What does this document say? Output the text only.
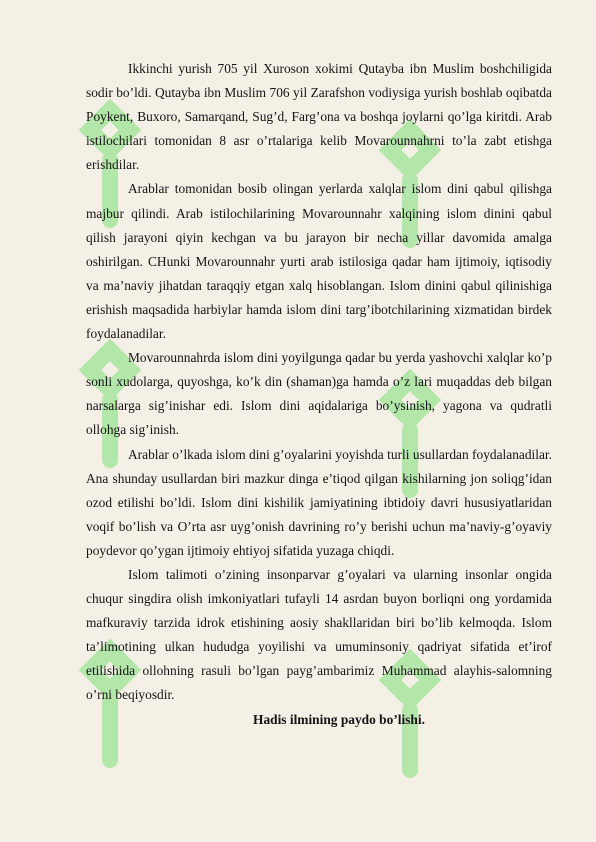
Ikkinchi yurish 705 yil Xuroson xokimi Qutayba ibn Muslim boshchiligida sodir bo’ldi. Qutayba ibn Muslim 706 yil Zarafshon vodiysiga yurish boshlab oqibatda Poykent, Buxoro, Samarqand, Sug’d, Farg’ona va boshqa joylarni qo’lga kiritdi. Arab istilochilari tomonidan 8 asr o’rtalariga kelib Movarounnahrni to’la zabt etishga erishdilar.

Arablar tomonidan bosib olingan yerlarda xalqlar islom dini qabul qilishga majbur qilindi. Arab istilochilarining Movarounnahr xalqining islom dinini qabul qilish jarayoni qiyin kechgan va bu jarayon bir necha yillar davomida amalga oshirilgan. CHunki Movarounnahr yurti arab istilosiga qadar ham ijtimoiy, iqtisodiy va ma’naviy jihatdan taraqqiy etgan xalq hisoblangan. Islom dinini qabul qilinishiga erishish maqsadida harbiylar hamda islom dini targ’ibotchilarining xizmatidan birdek foydalanadilar.

Movarounnahrda islom dini yoyilgunga qadar bu yerda yashovchi xalqlar ko’p sonli xudolarga, quyoshga, ko’k din (shaman)ga hamda o’z lari muqaddas deb bilgan narsalarga sig’inishar edi. Islom dini aqidalariga bo’ysinish, yagona va qudratli ollohga sig’inish.

Arablar o’lkada islom dini g’oyalarini yoyishda turli usullardan foydalanadilar. Ana shunday usullardan biri mazkur dinga e’tiqod qilgan kishilarning jon soliqg’idan ozod etilishi bo’ldi. Islom dini kishilik jamiyatining ibtidoiy davri hususiyatlaridan voqif bo’lish va O’rta asr uyg’onish davrining ro’y berishi uchun ma’naviy-g’oyaviy poydevor qo’ygan ijtimoiy ehtiyoj sifatida yuzaga chiqdi.

Islom talimoti o’zining insonparvar g’oyalari va ularning insonlar ongida chuqur singdira olish imkoniyatlari tufayli 14 asrdan buyon borliqni ong yordamida mafkuraviy tarzida idrok etishining aosiy shakllaridan biri bo’lib kelmoqda. Islom ta’limotining ulkan hududga yoyilishi va umuminsoniy qadriyat sifatida et’irof etilishida ollohning rasuli bo’lgan payg’ambarimiz Muhammad alayhis-salomning o’rni beqiyosdir.

Hadis ilmining paydo bo’lishi.
